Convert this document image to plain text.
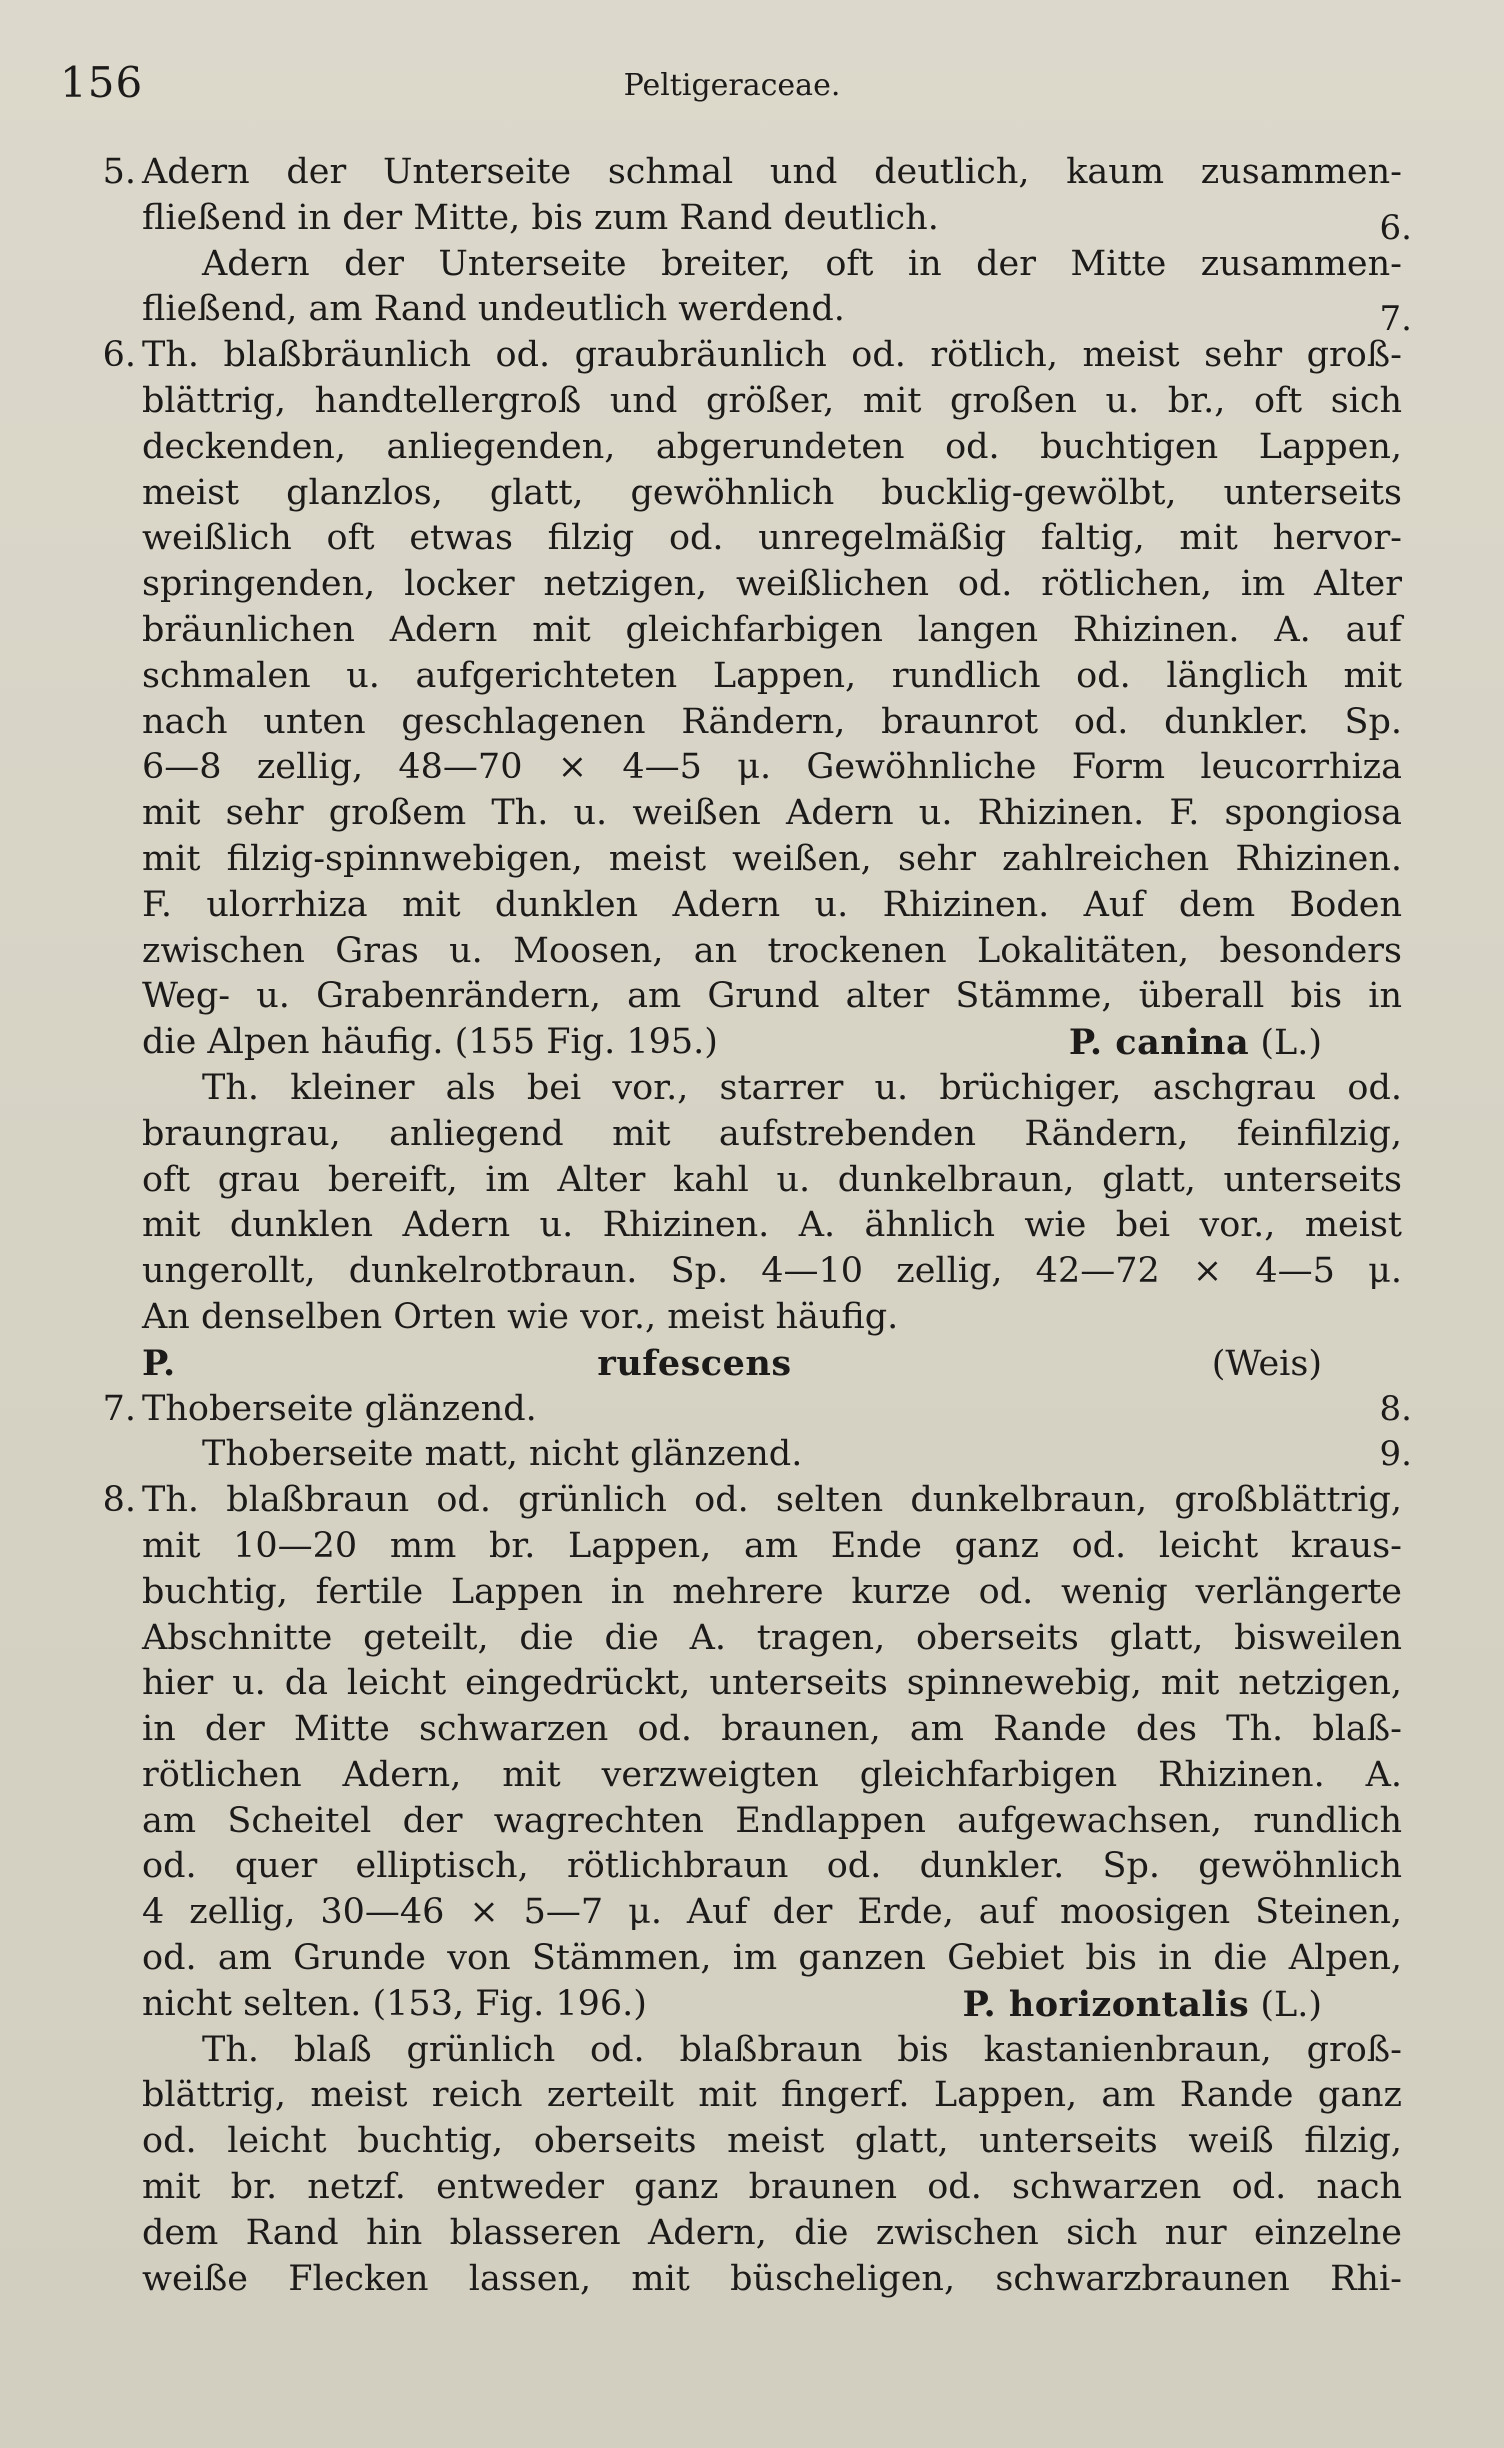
156	Peltigeraceae.
5. Adern der Unterseite schmal und deutlich, kaum zusammen-
fließend in der Mitte, bis zum Rand deutlich.	6.
Adern der Unterseite breiter, oft in der Mitte zusammen-
fließend, am Rand undeutlich werdend.	7.
6. Th. blaßbräunlich od. graubräunlich od. rötlich, meist sehr groß-
blättrig, handtellergroß und größer, mit großen u. br., oft sich
deckenden, anliegenden, abgerundeten od. buchtigen Lappen,
meist glanzlos, glatt, gewöhnlich bucklig-gewölbt, unterseits
weißlich oft etwas filzig od. unregelmäßig faltig, mit hervor-
springenden, locker netzigen, weißlichen od. rötlichen, im Alter
bräunlichen Adern mit gleichfarbigen langen Rhizinen. A. auf
schmalen u. aufgerichteten Lappen, rundlich od. länglich mit
nach unten geschlagenen Rändern, braunrot od. dunkler. Sp.
6—8 zellig, 48—70 × 4—5 μ. Gewöhnliche Form leucorrhiza
mit sehr großem Th. u. weißen Adern u. Rhizinen. F. spongiosa
mit filzig-spinnwebigen, meist weißen, sehr zahlreichen Rhizinen.
F. ulorrhiza mit dunklen Adern u. Rhizinen. Auf dem Boden
zwischen Gras u. Moosen, an trockenen Lokalitäten, besonders
Weg- u. Grabenrändern, am Grund alter Stämme, überall bis in
die Alpen häufig. (155 Fig. 195.)	P. canina (L.)
Th. kleiner als bei vor., starrer u. brüchiger, aschgrau od.
braungrau, anliegend mit aufstrebenden Rändern, feinfilzig,
oft grau bereift, im Alter kahl u. dunkelbraun, glatt, unterseits
mit dunklen Adern u. Rhizinen. A. ähnlich wie bei vor., meist
ungerollt, dunkelrotbraun. Sp. 4—10 zellig, 42—72 × 4—5 μ.
An denselben Orten wie vor., meist häufig.
P. rufescens	(Weis)
7. Thoberseite glänzend.	8.
Thoberseite matt, nicht glänzend.	9.
8. Th. blaßbraun od. grünlich od. selten dunkelbraun, großblättrig,
mit 10—20 mm br. Lappen, am Ende ganz od. leicht kraus-
buchtig, fertile Lappen in mehrere kurze od. wenig verlängerte
Abschnitte geteilt, die die A. tragen, oberseits glatt, bisweilen
hier u. da leicht eingedrückt, unterseits spinnewebig, mit netzigen,
in der Mitte schwarzen od. braunen, am Rande des Th. blaß-
rötlichen Adern, mit verzweigten gleichfarbigen Rhizinen. A.
am Scheitel der wagrechten Endlappen aufgewachsen, rundlich
od. quer elliptisch, rötlichbraun od. dunkler. Sp. gewöhnlich
4 zellig, 30—46 × 5—7 μ. Auf der Erde, auf moosigen Steinen,
od. am Grunde von Stämmen, im ganzen Gebiet bis in die Alpen,
nicht selten. (153, Fig. 196.)	P. horizontalis (L.)
Th. blaß grünlich od. blaßbraun bis kastanienbraun, groß-
blättrig, meist reich zerteilt mit fingerf. Lappen, am Rande ganz
od. leicht buchtig, oberseits meist glatt, unterseits weiß filzig,
mit br. netzf. entweder ganz braunen od. schwarzen od. nach
dem Rand hin blasseren Adern, die zwischen sich nur einzelne
weiße Flecken lassen, mit büscheligen, schwarzbraunen Rhi-
